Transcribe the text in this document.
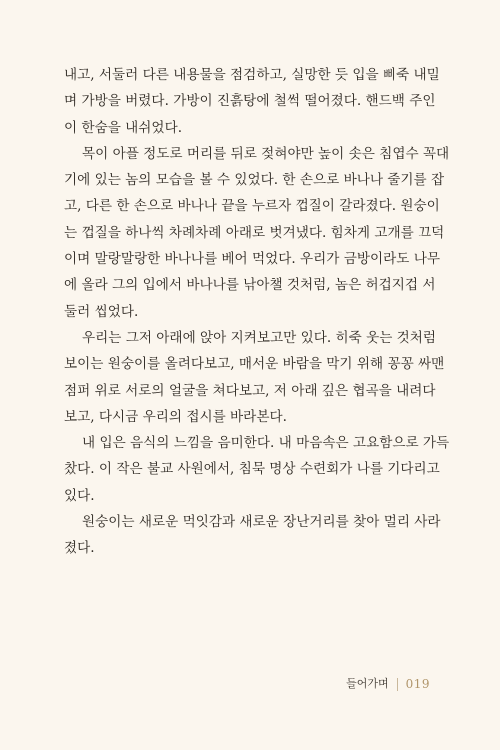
내고, 서둘러 다른 내용물을 점검하고, 실망한 듯 입을 삐죽 내밀
며 가방을 버렸다. 가방이 진흙탕에 철썩 떨어졌다. 핸드백 주인
이 한숨을 내쉬었다.
목이 아플 정도로 머리를 뒤로 젖혀야만 높이 솟은 침엽수 꼭대
기에 있는 놈의 모습을 볼 수 있었다. 한 손으로 바나나 줄기를 잡
고, 다른 한 손으로 바나나 끝을 누르자 껍질이 갈라졌다. 원숭이
는 껍질을 하나씩 차례차례 아래로 벗겨냈다. 힘차게 고개를 끄덕
이며 말랑말랑한 바나나를 베어 먹었다. 우리가 금방이라도 나무
에 올라 그의 입에서 바나나를 낚아챌 것처럼, 놈은 허겁지겁 서
둘러 씹었다.
우리는 그저 아래에 앉아 지켜보고만 있다. 히죽 웃는 것처럼
보이는 원숭이를 올려다보고, 매서운 바람을 막기 위해 꽁꽁 싸맨
점퍼 위로 서로의 얼굴을 쳐다보고, 저 아래 깊은 협곡을 내려다
보고, 다시금 우리의 접시를 바라본다.
내 입은 음식의 느낌을 음미한다. 내 마음속은 고요함으로 가득
찼다. 이 작은 불교 사원에서, 침묵 명상 수련회가 나를 기다리고
있다.
원숭이는 새로운 먹잇감과 새로운 장난거리를 찾아 멀리 사라
졌다.
들어가며 019
